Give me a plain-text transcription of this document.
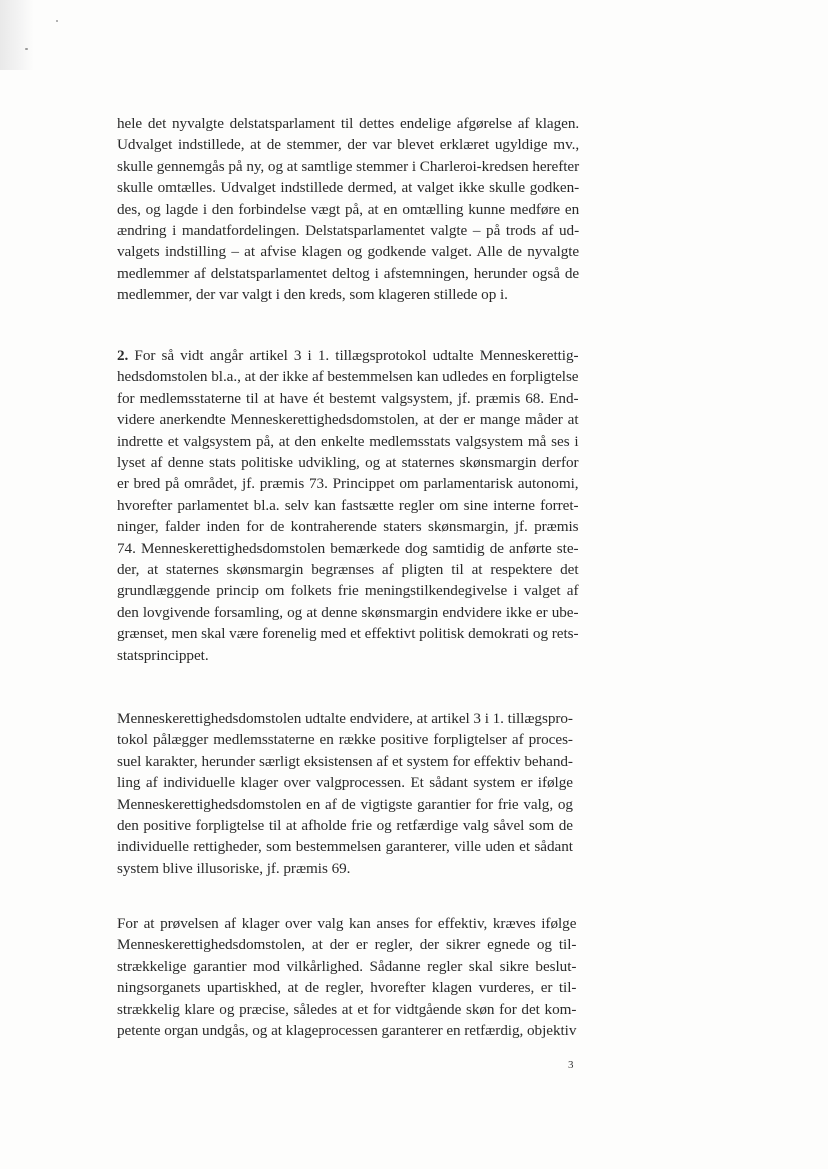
hele det nyvalgte delstatsparlament til dettes endelige afgørelse af klagen.
Udvalget indstillede, at de stemmer, der var blevet erklæret ugyldige mv.,
skulle gennemgås på ny, og at samtlige stemmer i Charleroi-kredsen herefter
skulle omtælles. Udvalget indstillede dermed, at valget ikke skulle godken-
des, og lagde i den forbindelse vægt på, at en omtælling kunne medføre en
ændring i mandatfordelingen. Delstatsparlamentet valgte – på trods af ud-
valgets indstilling – at afvise klagen og godkende valget. Alle de nyvalgte
medlemmer af delstatsparlamentet deltog i afstemningen, herunder også de
medlemmer, der var valgt i den kreds, som klageren stillede op i.

2. For så vidt angår artikel 3 i 1. tillægsprotokol udtalte Menneskerettig-
hedsdomstolen bl.a., at der ikke af bestemmelsen kan udledes en forpligtelse
for medlemsstaterne til at have ét bestemt valgsystem, jf. præmis 68. End-
videre anerkendte Menneskerettighedsdomstolen, at der er mange måder at
indrette et valgsystem på, at den enkelte medlemsstats valgsystem må ses i
lyset af denne stats politiske udvikling, og at staternes skønsmargin derfor
er bred på området, jf. præmis 73. Princippet om parlamentarisk autonomi,
hvorefter parlamentet bl.a. selv kan fastsætte regler om sine interne forret-
ninger, falder inden for de kontraherende staters skønsmargin, jf. præmis
74. Menneskerettighedsdomstolen bemærkede dog samtidig de anførte ste-
der, at staternes skønsmargin begrænses af pligten til at respektere det
grundlæggende princip om folkets frie meningstilkendegivelse i valget af
den lovgivende forsamling, og at denne skønsmargin endvidere ikke er ube-
grænset, men skal være forenelig med et effektivt politisk demokrati og rets-
statsprincippet.

Menneskerettighedsdomstolen udtalte endvidere, at artikel 3 i 1. tillægspro-
tokol pålægger medlemsstaterne en række positive forpligtelser af proces-
suel karakter, herunder særligt eksistensen af et system for effektiv behand-
ling af individuelle klager over valgprocessen. Et sådant system er ifølge
Menneskerettighedsdomstolen en af de vigtigste garantier for frie valg, og
den positive forpligtelse til at afholde frie og retfærdige valg såvel som de
individuelle rettigheder, som bestemmelsen garanterer, ville uden et sådant
system blive illusoriske, jf. præmis 69.

For at prøvelsen af klager over valg kan anses for effektiv, kræves ifølge
Menneskerettighedsdomstolen, at der er regler, der sikrer egnede og til-
strækkelige garantier mod vilkårlighed. Sådanne regler skal sikre beslut-
ningsorganets upartiskhed, at de regler, hvorefter klagen vurderes, er til-
strækkelig klare og præcise, således at et for vidtgående skøn for det kom-
petente organ undgås, og at klageprocessen garanterer en retfærdig, objektiv

3
